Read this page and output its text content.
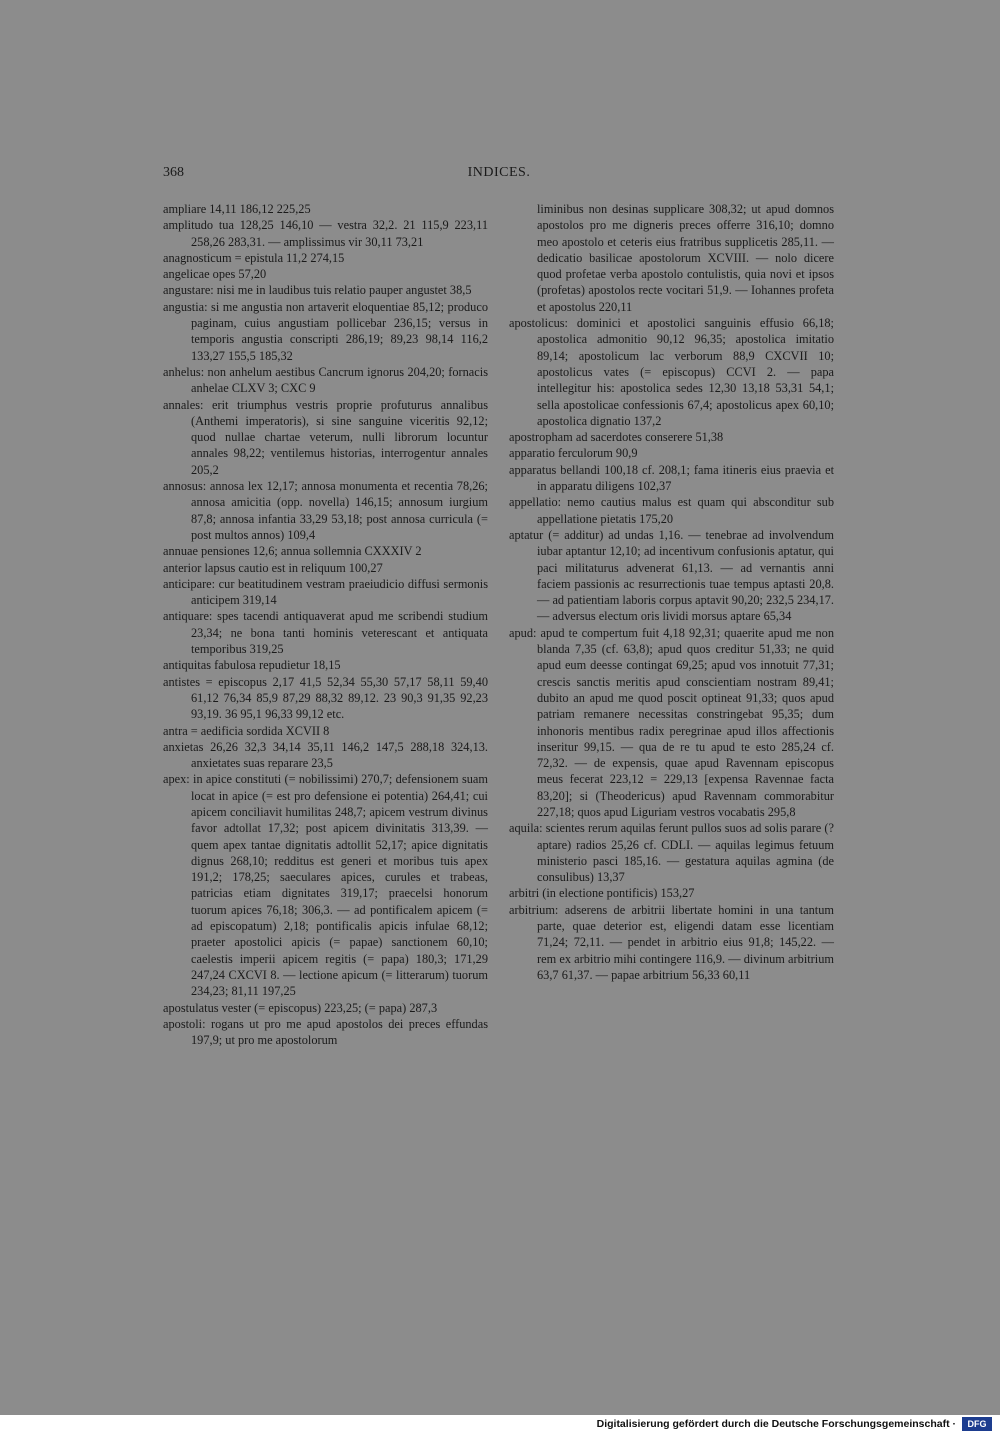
368	INDICES.

ampliare 14,11 186,12 225,25

amplitudo tua 128,25 146,10 — vestra 32,2. 21 115,9 223,11 258,26 283,31. — amplissimus vir 30,11 73,21

anagnosticum = epistula 11,2 274,15

angelicae opes 57,20

angustare: nisi me in laudibus tuis relatio pauper angustet 38,5

angustia: si me angustia non artaverit eloquentiae 85,12; produco paginam, cuius angustiam pollicebar 236,15; versus in temporis angustia conscripti 286,19; 89,23 98,14 116,2 133,27 155,5 185,32

anhelus: non anhelum aestibus Cancrum ignorus 204,20; fornacis anhelae CLXV 3; CXC 9

annales: erit triumphus vestris proprie profuturus annalibus (Anthemi imperatoris), si sine sanguine viceritis 92,12; quod nullae chartae veterum, nulli librorum locuntur annales 98,22; ventilemus historias, interrogentur annales 205,2

annosus: annosa lex 12,17; annosa monumenta et recentia 78,26; annosa amicitia (opp. novella) 146,15; annosum iurgium 87,8; annosa infantia 33,29 53,18; post annosa curricula (= post multos annos) 109,4

annuae pensiones 12,6; annua sollemnia CXXXIV 2

anterior lapsus cautio est in reliquum 100,27

anticipare: cur beatitudinem vestram praeiudicio diffusi sermonis anticipem 319,14

antiquare: spes tacendi antiquaverat apud me scribendi studium 23,34; ne bona tanti hominis veterescant et antiquata temporibus 319,25

antiquitas fabulosa repudietur 18,15

antistes = episcopus 2,17 41,5 52,34 55,30 57,17 58,11 59,40 61,12 76,34 85,9 87,29 88,32 89,12. 23 90,3 91,35 92,23 93,19. 36 95,1 96,33 99,12 etc.

antra = aedificia sordida XCVII 8

anxietas 26,26 32,3 34,14 35,11 146,2 147,5 288,18 324,13. anxietates suas reparare 23,5

apex: in apice constituti (= nobilissimi) 270,7; defensionem suam locat in apice (= est pro defensione ei potentia) 264,41; cui apicem conciliavit humilitas 248,7; apicem vestrum divinus favor adtollat 17,32; post apicem divinitatis 313,39. — quem apex tantae dignitatis adtollit 52,17; apice dignitatis dignus 268,10; redditus est generi et moribus tuis apex 191,2; 178,25; saeculares apices, curules et trabeas, patricias etiam dignitates 319,17; praecelsi honorum tuorum apices 76,18; 306,3. — ad pontificalem apicem (= ad episcopatum) 2,18; pontificalis apicis infulae 68,12; praeter apostolici apicis (= papae) sanctionem 60,10; caelestis imperii apicem regitis (= papa) 180,3; 171,29 247,24 CXCVI 8. — lectione apicum (= litterarum) tuorum 234,23; 81,11 197,25

apostulatus vester (= episcopus) 223,25; (= papa) 287,3

apostoli: rogans ut pro me apud apostolos dei preces effundas 197,9; ut pro me apostolorum

liminibus non desinas supplicare 308,32; ut apud domnos apostolos pro me digneris preces offerre 316,10; domno meo apostolo et ceteris eius fratribus supplicetis 285,11. — dedicatio basilicae apostolorum XCVIII. — nolo dicere quod profetae verba apostolo contulistis, quia novi et ipsos (profetas) apostolos recte vocitari 51,9. — Iohannes profeta et apostolus 220,11

apostolicus: dominici et apostolici sanguinis effusio 66,18; apostolica admonitio 90,12 96,35; apostolica imitatio 89,14; apostolicum lac verborum 88,9 CXCVII 10; apostolicus vates (= episcopus) CCVI 2. — papa intellegitur his: apostolica sedes 12,30 13,18 53,31 54,1; sella apostolicae confessionis 67,4; apostolicus apex 60,10; apostolica dignatio 137,2

apostropham ad sacerdotes conserere 51,38

apparatio ferculorum 90,9

apparatus bellandi 100,18 cf. 208,1; fama itineris eius praevia et in apparatu diligens 102,37

appellatio: nemo cautius malus est quam qui absconditur sub appellatione pietatis 175,20

aptatur (= additur) ad undas 1,16. — tenebrae ad involvendum iubar aptantur 12,10; ad incentivum confusionis aptatur, qui paci militaturus advenerat 61,13. — ad vernantis anni faciem passionis ac resurrectionis tuae tempus aptasti 20,8. — ad patientiam laboris corpus aptavit 90,20; 232,5 234,17. — adversus electum oris lividi morsus aptare 65,34

apud: apud te compertum fuit 4,18 92,31; quaerite apud me non blanda 7,35 (cf. 63,8); apud quos creditur 51,33; ne quid apud eum deesse contingat 69,25; apud vos innotuit 77,31; crescis sanctis meritis apud conscientiam nostram 89,41; dubito an apud me quod poscit optineat 91,33; quos apud patriam remanere necessitas constringebat 95,35; dum inhonoris mentibus radix peregrinae apud illos affectionis inseritur 99,15. — qua de re tu apud te esto 285,24 cf. 72,32. — de expensis, quae apud Ravennam episcopus meus fecerat 223,12 = 229,13 [expensa Ravennae facta 83,20]; si (Theodericus) apud Ravennam commorabitur 227,18; quos apud Liguriam vestros vocabatis 295,8

aquila: scientes rerum aquilas ferunt pullos suos ad solis parare (? aptare) radios 25,26 cf. CDLI. — aquilas legimus fetuum ministerio pasci 185,16. — gestatura aquilas agmina (de consulibus) 13,37

arbitri (in electione pontificis) 153,27

arbitrium: adserens de arbitrii libertate homini in una tantum parte, quae deterior est, eligendi datam esse licentiam 71,24; 72,11. — pendet in arbitrio eius 91,8; 145,22. — rem ex arbitrio mihi contingere 116,9. — divinum arbitrium 63,7 61,37. — papae arbitrium 56,33 60,11

Digitalisierung gefördert durch die Deutsche Forschungsgemeinschaft ·	DFG
